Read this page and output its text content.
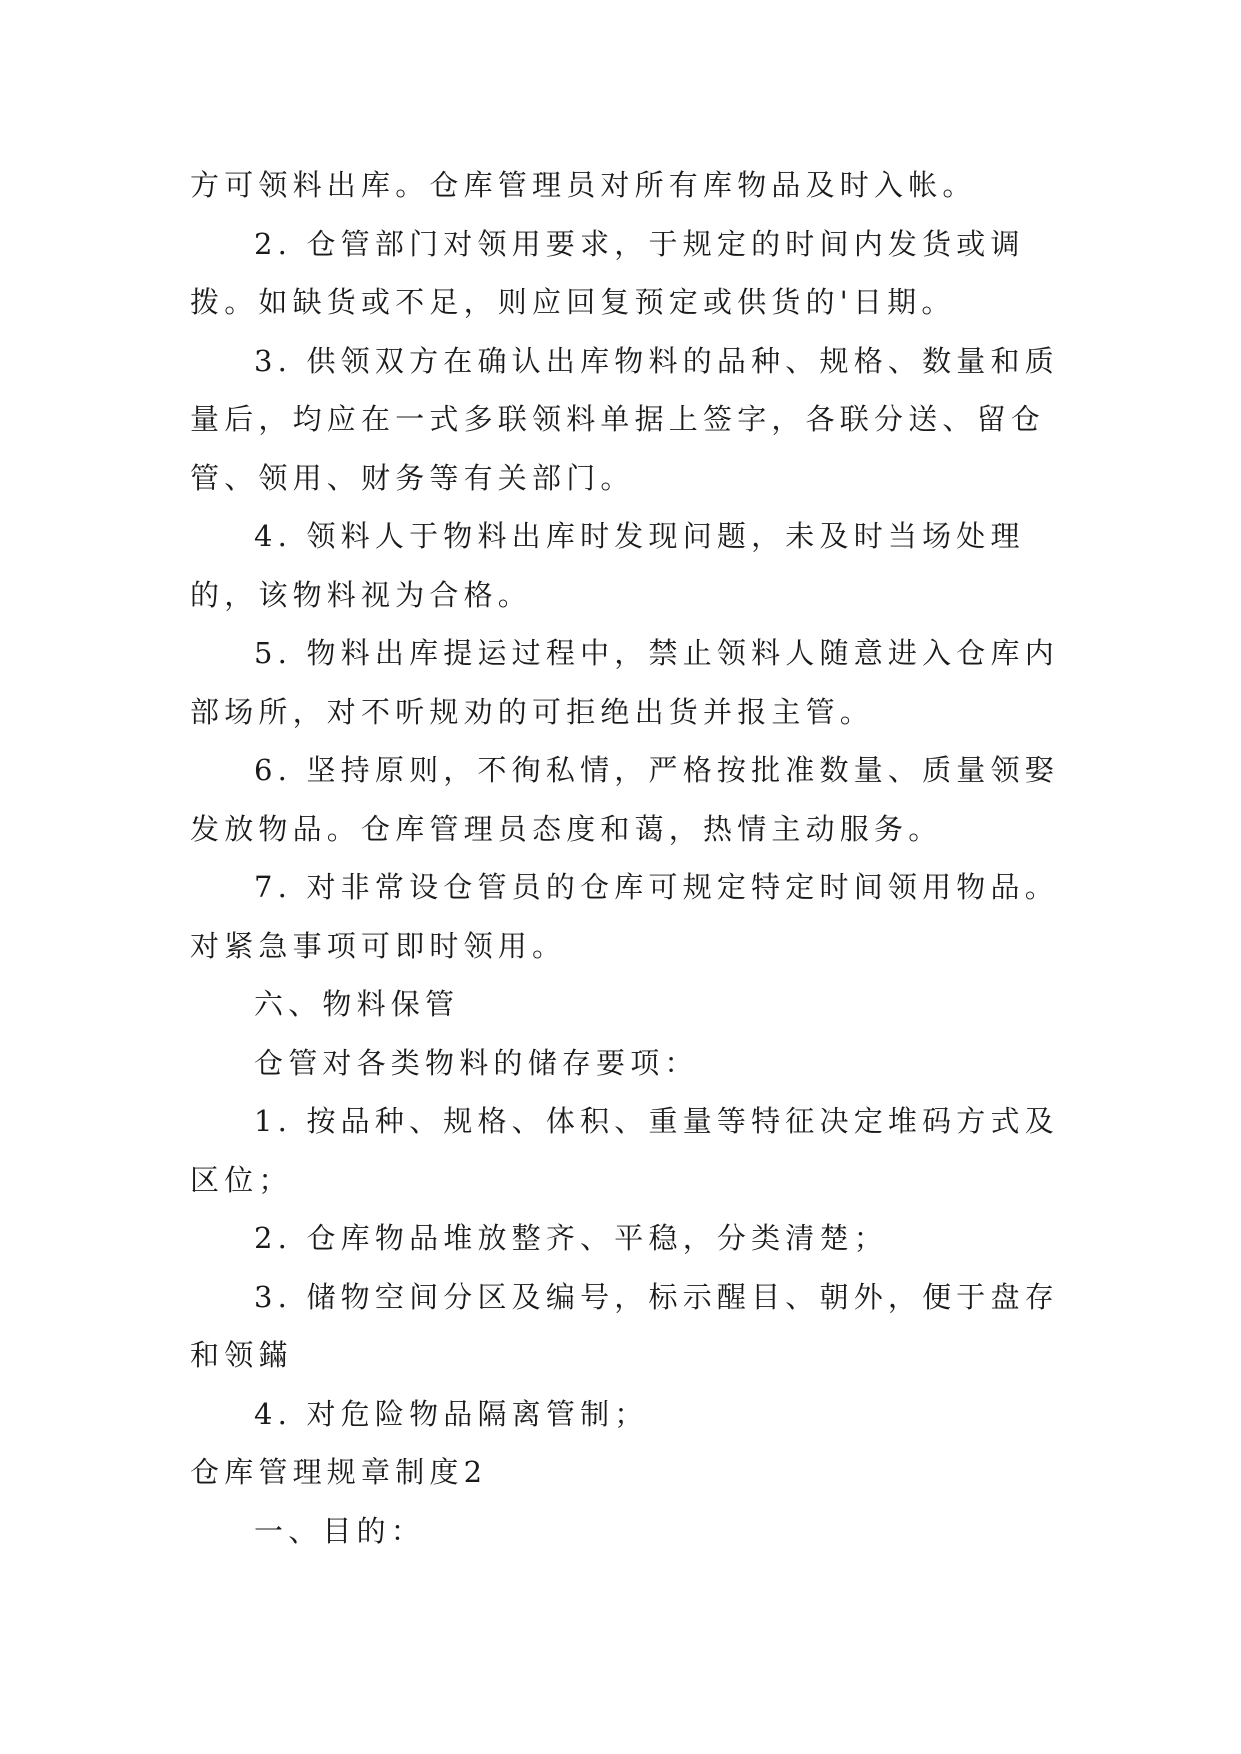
方可领料出库。仓库管理员对所有库物品及时入帐。

2. 仓管部门对领用要求，于规定的时间内发货或调拨。如缺货或不足，则应回复预定或供货的'日期。

3. 供领双方在确认出库物料的品种、规格、数量和质量后，均应在一式多联领料单据上签字，各联分送、留仓管、领用、财务等有关部门。

4. 领料人于物料出库时发现问题，未及时当场处理的，该物料视为合格。

5. 物料出库提运过程中，禁止领料人随意进入仓库内部场所，对不听规劝的可拒绝出货并报主管。

6. 坚持原则，不徇私情，严格按批准数量、质量领娶发放物品。仓库管理员态度和蔼，热情主动服务。

7. 对非常设仓管员的仓库可规定特定时间领用物品。对紧急事项可即时领用。

六、物料保管

仓管对各类物料的储存要项：

1. 按品种、规格、体积、重量等特征决定堆码方式及区位；

2. 仓库物品堆放整齐、平稳，分类清楚；

3. 储物空间分区及编号，标示醒目、朝外，便于盘存和领鏋

4. 对危险物品隔离管制；

仓库管理规章制度2

一、目的：
